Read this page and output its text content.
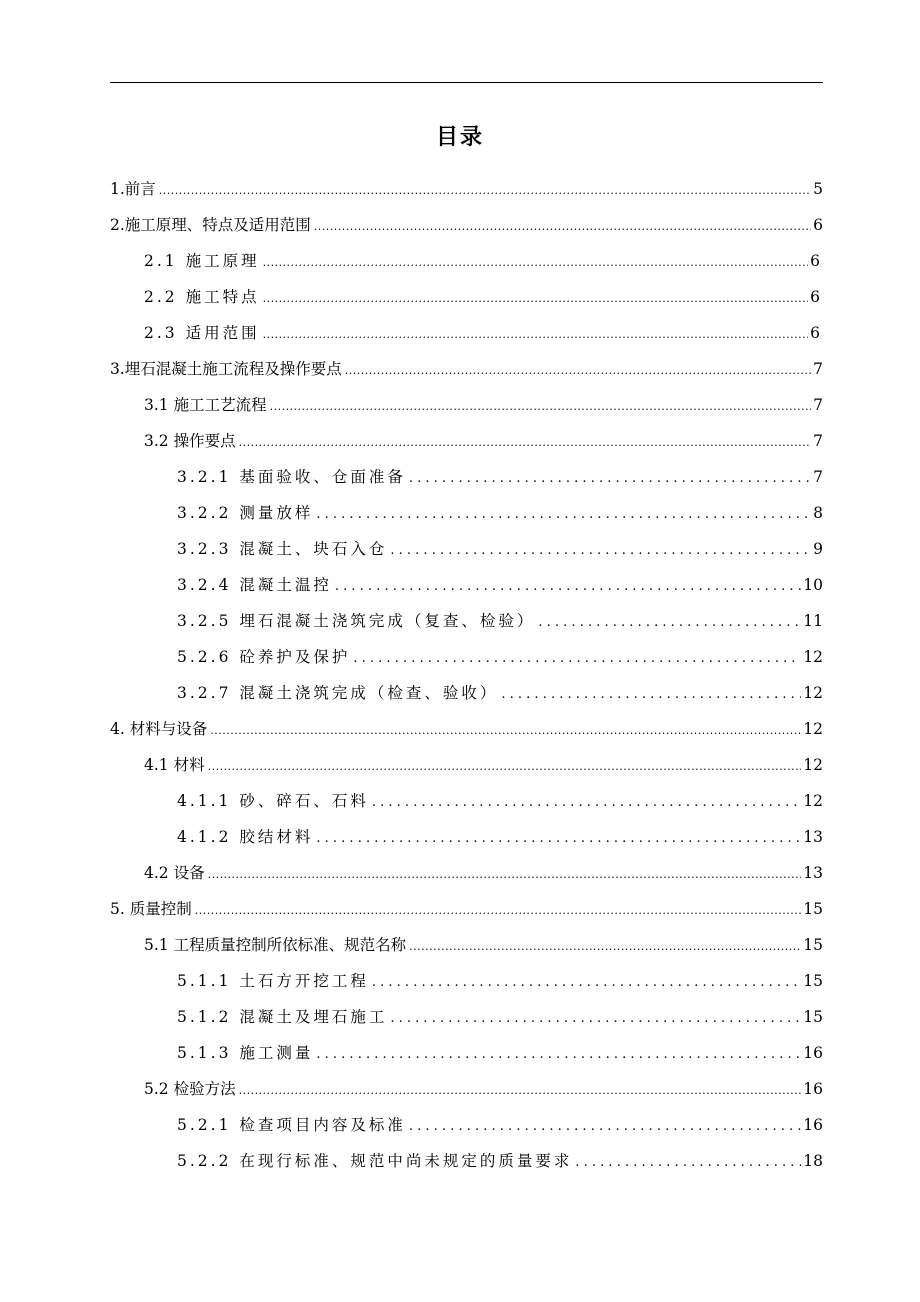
目录
1.前言 .....	5
2.施工原理、特点及适用范围 .....	6
2.1 施工原理 .....	6
2.2 施工特点 .....	6
2.3 适用范围 .....	6
3.埋石混凝土施工流程及操作要点 .....	7
3.1 施工工艺流程 .....	7
3.2 操作要点 .....	7
3.2.1 基面验收、仓面准备 . . .	7
3.2.2 测量放样 . . .	8
3.2.3 混凝土、块石入仓 . . .	9
3.2.4 混凝土温控 . . .	10
3.2.5 埋石混凝土浇筑完成（复查、检验） . . .	11
5.2.6 砼养护及保护 . . .	12
3.2.7 混凝土浇筑完成（检查、验收） . . .	12
4. 材料与设备 .....	12
4.1 材料 .....	12
4.1.1 砂、碎石、石料 . . .	12
4.1.2 胶结材料 . . .	13
4.2 设备 .....	13
5. 质量控制 .....	15
5.1 工程质量控制所依标准、规范名称 .....	15
5.1.1 土石方开挖工程 . . .	15
5.1.2 混凝土及埋石施工 . . .	15
5.1.3 施工测量 . . .	16
5.2 检验方法 .....	16
5.2.1 检查项目内容及标准 . . .	16
5.2.2 在现行标准、规范中尚未规定的质量要求 . . .	18
